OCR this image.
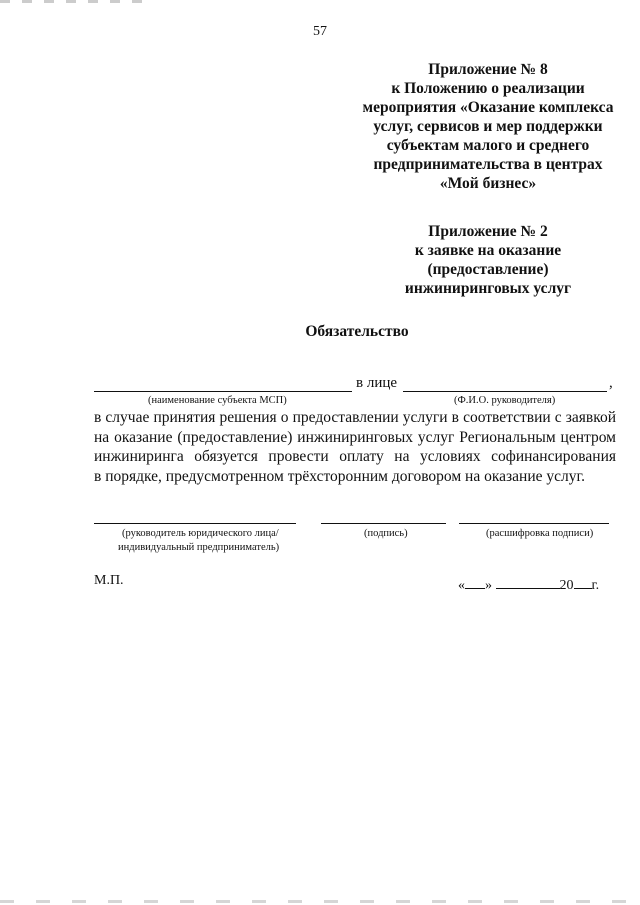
57
Приложение № 8
к Положению о реализации
мероприятия «Оказание комплекса
услуг, сервисов и мер поддержки
субъектам малого и среднего
предпринимательства в центрах
«Мой бизнес»
Приложение № 2
к заявке на оказание
(предоставление)
инжиниринговых услуг
Обязательство
в лице	,
(наименование субъекта МСП)	(Ф.И.О. руководителя)
в случае принятия решения о предоставлении услуги в соответствии с заявкой
на оказание (предоставление) инжиниринговых услуг Региональным центром
инжиниринга обязуется провести оплату на условиях софинансирования
в порядке, предусмотренном трёхсторонним договором на оказание услуг.
(руководитель юридического лица/
индивидуальный предприниматель)
(подпись)	(расшифровка подписи)
М.П.	« »	20 г.
